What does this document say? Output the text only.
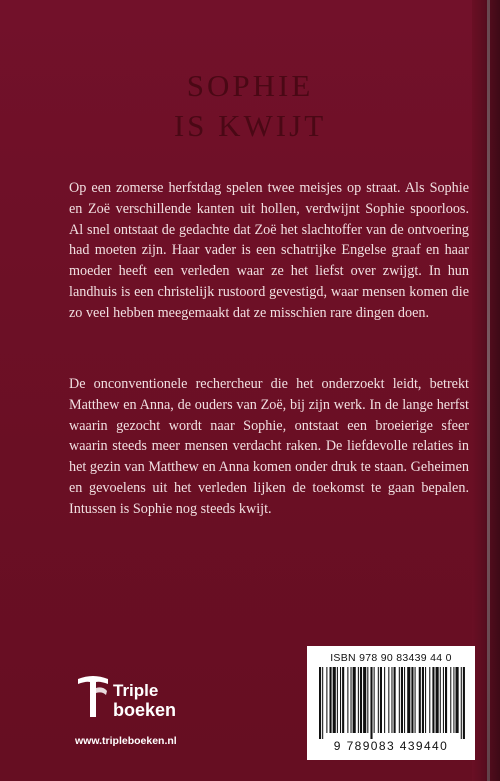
SOPHIE
IS KWIJT

Op een zomerse herfstdag spelen twee meisjes op straat. Als Sophie en Zoë verschillende kanten uit hollen, verdwijnt Sophie spoorloos. Al snel ontstaat de gedachte dat Zoë het slachtoffer van de ontvoering had moeten zijn. Haar vader is een schatrijke Engelse graaf en haar moeder heeft een verleden waar ze het liefst over zwijgt. In hun landhuis is een christelijk rustoord gevestigd, waar mensen komen die zo veel hebben meegemaakt dat ze misschien rare dingen doen.

De onconventionele rechercheur die het onderzoekt leidt, betrekt Matthew en Anna, de ouders van Zoë, bij zijn werk. In de lange herfst waarin gezocht wordt naar Sophie, ontstaat een broeierige sfeer waarin steeds meer mensen verdacht raken. De liefdevolle relaties in het gezin van Matthew en Anna komen onder druk te staan. Geheimen en gevoelens uit het verleden lijken de toekomst te gaan bepalen. Intussen is Sophie nog steeds kwijt.

Triple
boeken
www.tripleboeken.nl
ISBN 978 90 83439 44 0
9 789083 439440
